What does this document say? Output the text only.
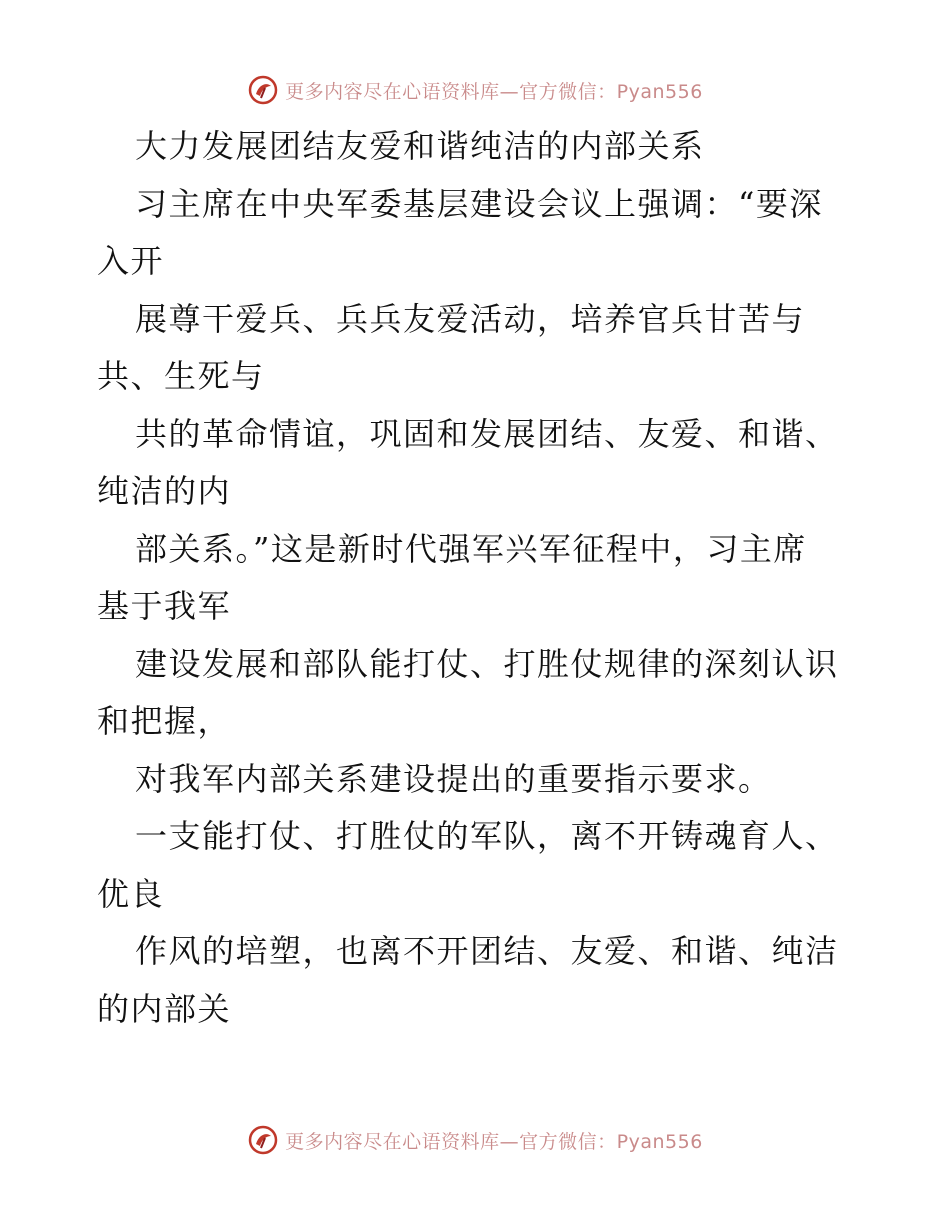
更多内容尽在心语资料库—官方微信：Pyan556
大力发展团结友爱和谐纯洁的内部关系
习主席在中央军委基层建设会议上强调：“要深
入开
展尊干爱兵、兵兵友爱活动，培养官兵甘苦与
共、生死与
共的革命情谊，巩固和发展团结、友爱、和谐、
纯洁的内
部关系。”这是新时代强军兴军征程中，习主席
基于我军
建设发展和部队能打仗、打胜仗规律的深刻认识
和把握，
对我军内部关系建设提出的重要指示要求。
一支能打仗、打胜仗的军队，离不开铸魂育人、
优良
作风的培塑，也离不开团结、友爱、和谐、纯洁
的内部关
更多内容尽在心语资料库—官方微信：Pyan556
